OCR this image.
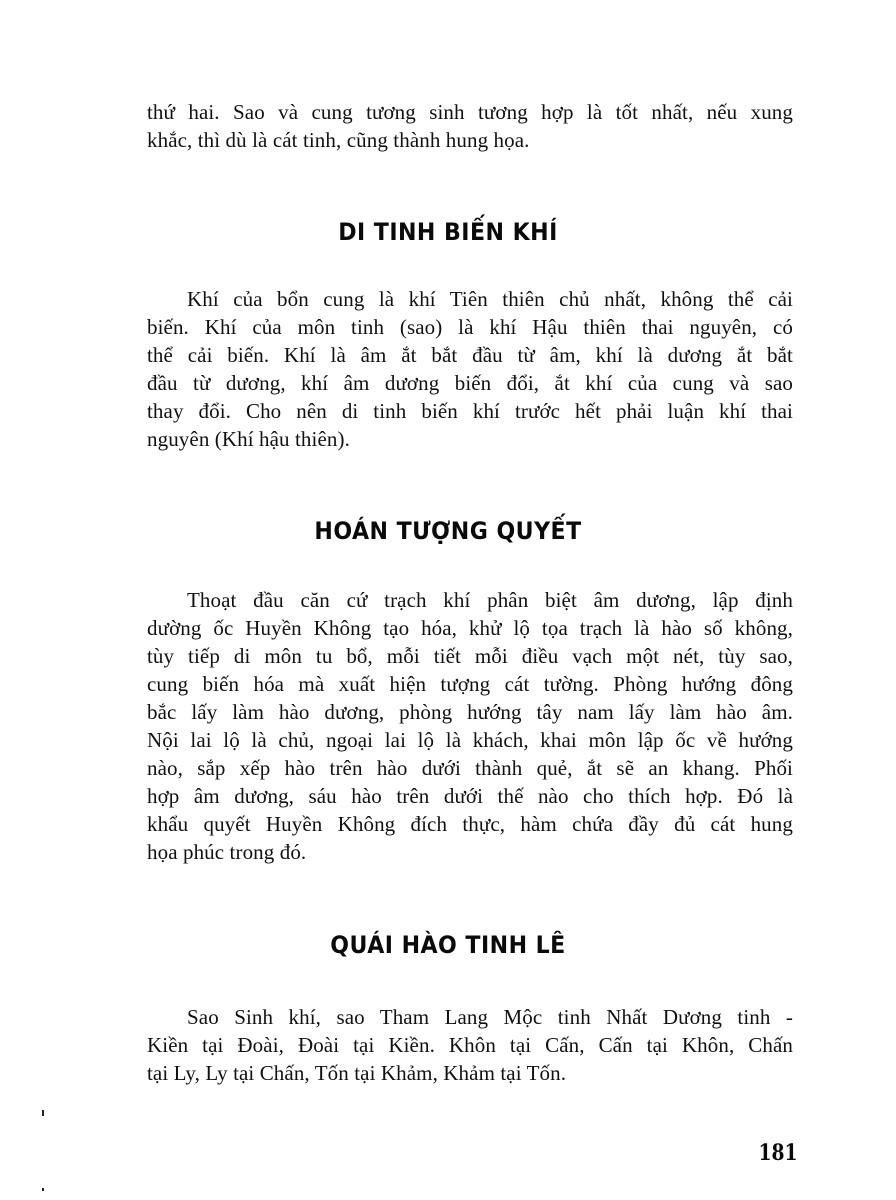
thứ hai. Sao và cung tương sinh tương hợp là tốt nhất, nếu xung
khắc, thì dù là cát tinh, cũng thành hung họa.
DI TINH BIẾN KHÍ
Khí của bổn cung là khí Tiên thiên chủ nhất, không thể cải
biến. Khí của môn tinh (sao) là khí Hậu thiên thai nguyên, có
thể cải biến. Khí là âm ắt bắt đầu từ âm, khí là dương ắt bắt
đầu từ dương, khí âm dương biến đổi, ắt khí của cung và sao
thay đổi. Cho nên di tinh biến khí trước hết phải luận khí thai
nguyên (Khí hậu thiên).
HOÁN TƯỢNG QUYẾT
Thoạt đầu căn cứ trạch khí phân biệt âm dương, lập định
dường ốc Huyền Không tạo hóa, khử lộ tọa trạch là hào số không,
tùy tiếp di môn tu bổ, mỗi tiết mỗi điều vạch một nét, tùy sao,
cung biến hóa mà xuất hiện tượng cát tường. Phòng hướng đông
bắc lấy làm hào dương, phòng hướng tây nam lấy làm hào âm.
Nội lai lộ là chủ, ngoại lai lộ là khách, khai môn lập ốc về hướng
nào, sắp xếp hào trên hào dưới thành quẻ, ắt sẽ an khang. Phối
hợp âm dương, sáu hào trên dưới thế nào cho thích hợp. Đó là
khẩu quyết Huyền Không đích thực, hàm chứa đầy đủ cát hung
họa phúc trong đó.
QUÁI HÀO TINH LÊ
Sao Sinh khí, sao Tham Lang Mộc tinh Nhất Dương tinh -
Kiền tại Đoài, Đoài tại Kiền. Khôn tại Cấn, Cấn tại Khôn, Chấn
tại Ly, Ly tại Chấn, Tốn tại Khảm, Khảm tại Tốn.
181
